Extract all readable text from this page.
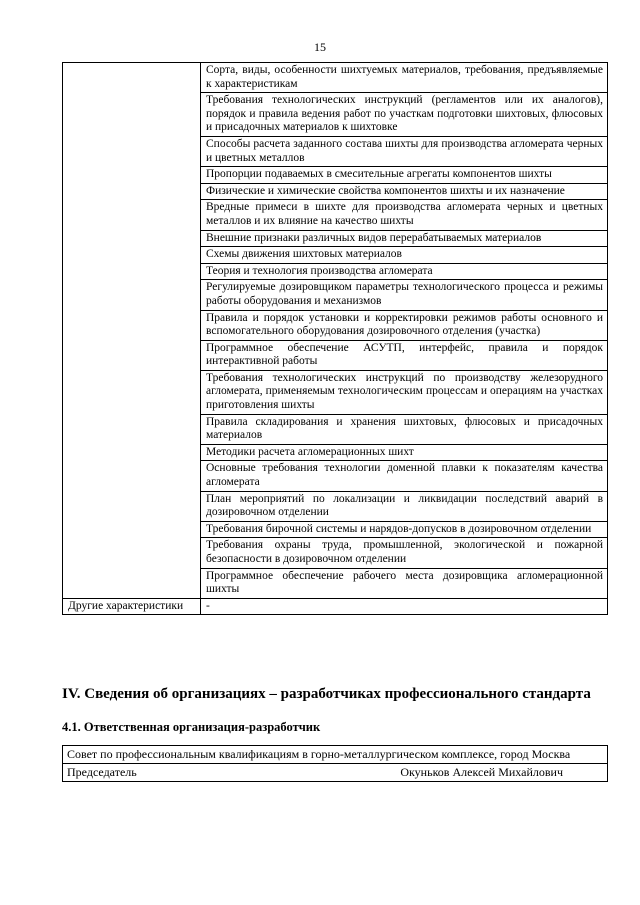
15
	Сорта, виды, особенности шихтуемых материалов, требования, предъявляемые к характеристикам
	Требования технологических инструкций (регламентов или их аналогов), порядок и правила ведения работ по участкам подготовки шихтовых, флюсовых и присадочных материалов к шихтовке
	Способы расчета заданного состава шихты для производства агломерата черных и цветных металлов
	Пропорции подаваемых в смесительные агрегаты компонентов шихты
	Физические и химические свойства компонентов шихты и их назначение
	Вредные примеси в шихте для производства агломерата черных и цветных металлов и их влияние на качество шихты
	Внешние признаки различных видов перерабатываемых материалов
	Схемы движения шихтовых материалов
	Теория и технология производства агломерата
	Регулируемые дозировщиком параметры технологического процесса и режимы работы оборудования и механизмов
	Правила и порядок установки и корректировки режимов работы основного и вспомогательного оборудования дозировочного отделения (участка)
	Программное обеспечение АСУТП, интерфейс, правила и порядок интерактивной работы
	Требования технологических инструкций по производству железорудного агломерата, применяемым технологическим процессам и операциям на участках приготовления шихты
	Правила складирования и хранения шихтовых, флюсовых и присадочных материалов
	Методики расчета агломерационных шихт
	Основные требования технологии доменной плавки к показателям качества агломерата
	План мероприятий по локализации и ликвидации последствий аварий в дозировочном отделении
	Требования бирочной системы и нарядов-допусков в дозировочном отделении
	Требования охраны труда, промышленной, экологической и пожарной безопасности в дозировочном отделении
	Программное обеспечение рабочего места дозировщика агломерационной шихты
Другие характеристики	-
IV. Сведения об организациях – разработчиках профессионального стандарта
4.1. Ответственная организация-разработчик
Совет по профессиональным квалификациям в горно-металлургическом комплексе, город Москва

Председатель	Окуньков Алексей Михайлович
